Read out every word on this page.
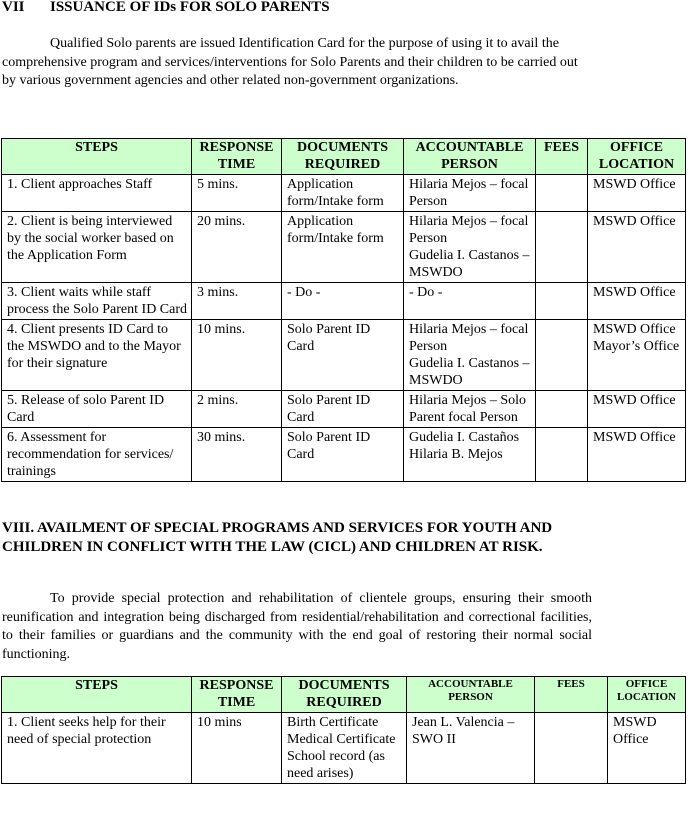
VII ISSUANCE OF IDs FOR SOLO PARENTS
Qualified Solo parents are issued Identification Card for the purpose of using it to avail the comprehensive program and services/interventions for Solo Parents and their children to be carried out by various government agencies and other related non-government organizations.
STEPS	RESPONSE TIME	DOCUMENTS REQUIRED	ACCOUNTABLE PERSON	FEES	OFFICE LOCATION
1. Client approaches Staff	5 mins.	Application form/Intake form	Hilaria Mejos – focal Person		MSWD Office

2. Client is being interviewed by the social worker based on the Application Form	20 mins.	Application form/Intake form	Hilaria Mejos – focal Person
Gudelia I. Castanos – MSWDO		MSWD Office

3. Client waits while staff process the Solo Parent ID Card	3 mins.	- Do -	- Do -		MSWD Office

4. Client presents ID Card to the MSWDO and to the Mayor for their signature	10 mins.	Solo Parent ID Card	Hilaria Mejos – focal Person
Gudelia I. Castanos – MSWDO		MSWD Office
Mayor’s Office

5. Release of solo Parent ID Card	2 mins.	Solo Parent ID Card	Hilaria Mejos – Solo Parent focal Person		MSWD Office

6. Assessment for recommendation for services/ trainings	30 mins.	Solo Parent ID Card	Gudelia I. Castaños
Hilaria B. Mejos		MSWD Office
VIII. AVAILMENT OF SPECIAL PROGRAMS AND SERVICES FOR YOUTH AND CHILDREN IN CONFLICT WITH THE LAW (CICL) AND CHILDREN AT RISK.
To provide special protection and rehabilitation of clientele groups, ensuring their smooth reunification and integration being discharged from residential/rehabilitation and correctional facilities, to their families or guardians and the community with the end goal of restoring their normal social functioning.
STEPS	RESPONSE TIME	DOCUMENTS REQUIRED	ACCOUNTABLE PERSON	FEES	OFFICE LOCATION
1. Client seeks help for their need of special protection	10 mins	Birth Certificate
Medical Certificate
School record (as need arises)	Jean L. Valencia – SWO II		MSWD Office
